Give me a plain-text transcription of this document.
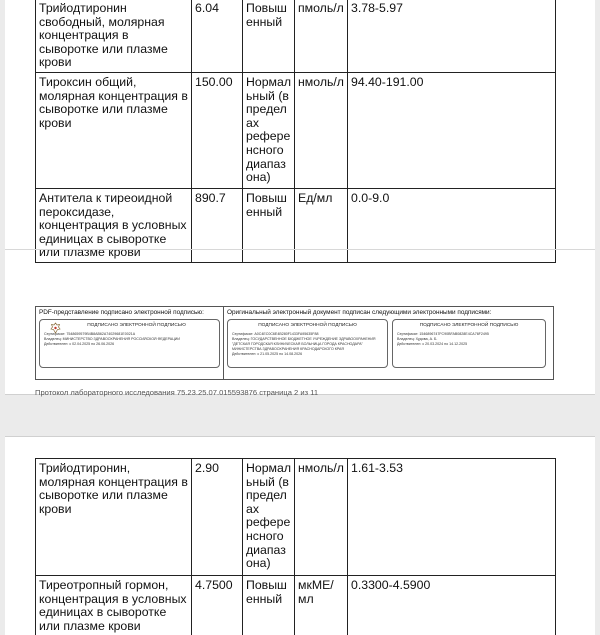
Трийодтиронин свободный, молярная концентрация в сыворотке или плазме крови	6.04	Повышенный	пмоль/л	3.78-5.97
Тироксин общий, молярная концентрация в сыворотке или плазме крови	150.00	Нормальный (в пределах референсного диапазона)	нмоль/л	94.40-191.00
Антитела к тиреоидной пероксидазе, концентрация в условных единицах в сыворотке или плазме крови	890.7	Повышенный	Ед/мл	0.0-9.0
PDF-представление подписано электронной подписью:
ПОДПИСАНО ЭЛЕКТРОННОЙ ПОДПИСЬЮ

Сертификат: 7548659579B4B8AB62A74029681E0021A

Владелец: МИНИСТЕРСТВО ЗДРАВООХРАНЕНИЯ РОССИЙСКОЙ ФЕДЕРАЦИИ

Действителен: с 02.04.2025 по 26.06.2026

Оригинальный электронный документ подписан следующими электронными подписями:
ПОДПИСАНО ЭЛЕКТРОННОЙ ПОДПИСЬЮ

Сертификат: A0C4EC0C6E4B280F1433FA95635F88

Владелец: ГОСУДАРСТВЕННОЕ БЮДЖЕТНОЕ УЧРЕЖДЕНИЕ ЗДРАВООХРАНЕНИЯ "ДЕТСКАЯ ГОРОДСКАЯ КЛИНИЧЕСКАЯ БОЛЬНИЦА ГОРОДА КРАСНОДАРА" МИНИСТЕРСТВА ЗДРАВООХРАНЕНИЯ КРАСНОДАРСКОГО КРАЯ

Действителен: с 21.05.2025 по 14.08.2026

ПОДПИСАНО ЭЛЕКТРОННОЙ ПОДПИСЬЮ

Сертификат: 1546896747FC90BFAB0828E4CA76F2495

Владелец: Худова, А. Б.

Действителен: с 20.03.2024 по 14.12.2025

Протокол лабораторного исследования 75.23.25.07.015593876 страница 2 из 11
Трийодтиронин, молярная концентрация в сыворотке или плазме крови	2.90	Нормальный (в пределах референсного диапазона)	нмоль/л	1.61-3.53
Тиреотропный гормон, концентрация в условных единицах в сыворотке или плазме крови	4.7500	Повышенный	мкМЕ/мл	0.3300-4.5900
